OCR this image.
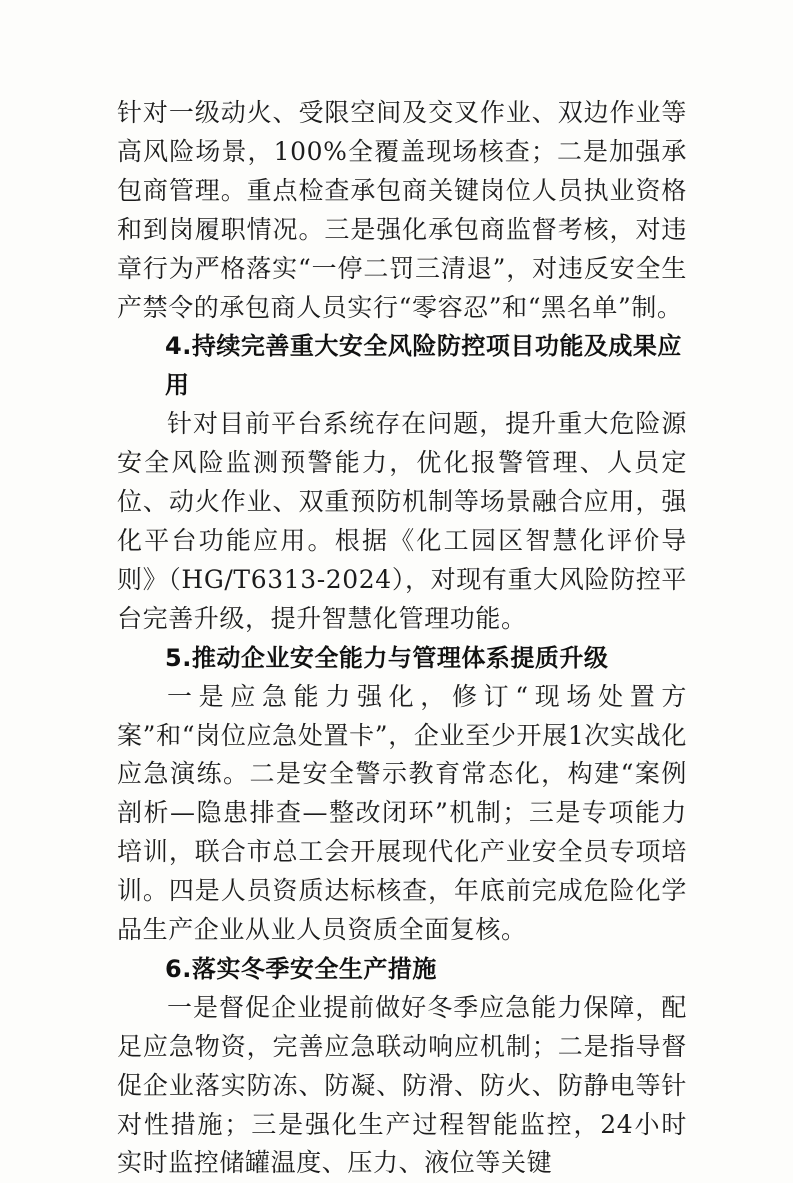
针对一级动火、受限空间及交叉作业、双边作业等高风险场景，100%全覆盖现场核查；二是加强承包商管理。重点检查承包商关键岗位人员执业资格和到岗履职情况。三是强化承包商监督考核，对违章行为严格落实“一停二罚三清退”，对违反安全生产禁令的承包商人员实行“零容忍”和“黑名单”制。

4.持续完善重大安全风险防控项目功能及成果应用

针对目前平台系统存在问题，提升重大危险源安全风险监测预警能力，优化报警管理、人员定位、动火作业、双重预防机制等场景融合应用，强化平台功能应用。根据《化工园区智慧化评价导则》（HG/T6313-2024），对现有重大风险防控平台完善升级，提升智慧化管理功能。

5.推动企业安全能力与管理体系提质升级

一是应急能力强化，修订“现场处置方案”和“岗位应急处置卡”，企业至少开展1次实战化应急演练。二是安全警示教育常态化，构建“案例剖析—隐患排查—整改闭环”机制；三是专项能力培训，联合市总工会开展现代化产业安全员专项培训。四是人员资质达标核查，年底前完成危险化学品生产企业从业人员资质全面复核。

6.落实冬季安全生产措施

一是督促企业提前做好冬季应急能力保障，配足应急物资，完善应急联动响应机制；二是指导督促企业落实防冻、防凝、防滑、防火、防静电等针对性措施；三是强化生产过程智能监控，24小时实时监控储罐温度、压力、液位等关键
